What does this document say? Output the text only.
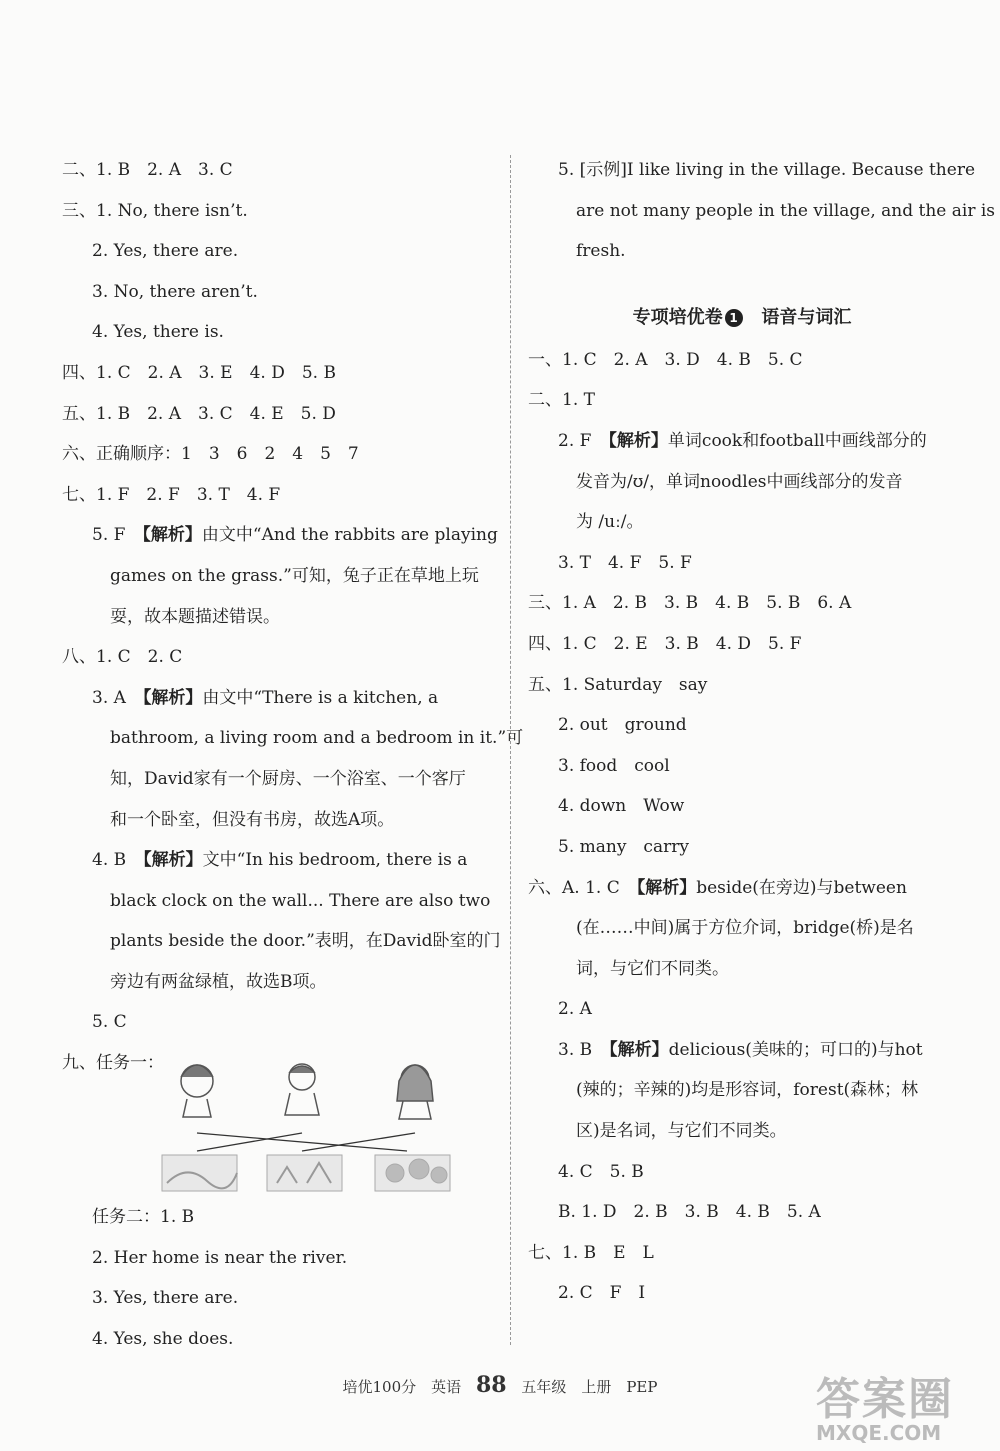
二、1. B　2. A　3. C
三、1. No, there isn’t.
2. Yes, there are.
3. No, there aren’t.
4. Yes, there is.
四、1. C　2. A　3. E　4. D　5. B
五、1. B　2. A　3. C　4. E　5. D
六、正确顺序：1　3　6　2　4　5　7
七、1. F　2. F　3. T　4. F
5. F　【解析】由文中“And the rabbits are playing
games on the grass.”可知，兔子正在草地上玩
耍，故本题描述错误。
八、1. C　2. C
3. A　【解析】由文中“There is a kitchen, a
bathroom, a living room and a bedroom in it.”可
知，David家有一个厨房、一个浴室、一个客厅
和一个卧室，但没有书房，故选A项。
4. B　【解析】文中“In his bedroom, there is a
black clock on the wall... There are also two
plants beside the door.”表明，在David卧室的门
旁边有两盆绿植，故选B项。
5. C
九、任务一：
任务二：1. B
2. Her home is near the river.
3. Yes, there are.
4. Yes, she does.
5. [示例]I like living in the village. Because there
are not many people in the village, and the air is
fresh.
专项培优卷 1 语音与词汇
一、1. C　2. A　3. D　4. B　5. C
二、1. T
2. F　【解析】单词cook和football中画线部分的
发音为/ʊ/，单词noodles中画线部分的发音
为 /uː/。
3. T　4. F　5. F
三、1. A　2. B　3. B　4. B　5. B　6. A
四、1. C　2. E　3. B　4. D　5. F
五、1. Saturday　say
2. out　ground
3. food　cool
4. down　Wow
5. many　carry
六、A. 1. C　【解析】beside(在旁边)与between
(在……中间)属于方位介词，bridge(桥)是名
词，与它们不同类。
2. A
3. B　【解析】delicious(美味的；可口的)与hot
(辣的；辛辣的)均是形容词，forest(森林；林
区)是名词，与它们不同类。
4. C　5. B
B. 1. D　2. B　3. B　4. B　5. A
七、1. B　E　L
2. C　F　I
培优100分　英语 88 五年级　上册　PEP	答案圈
MXQE.COM
